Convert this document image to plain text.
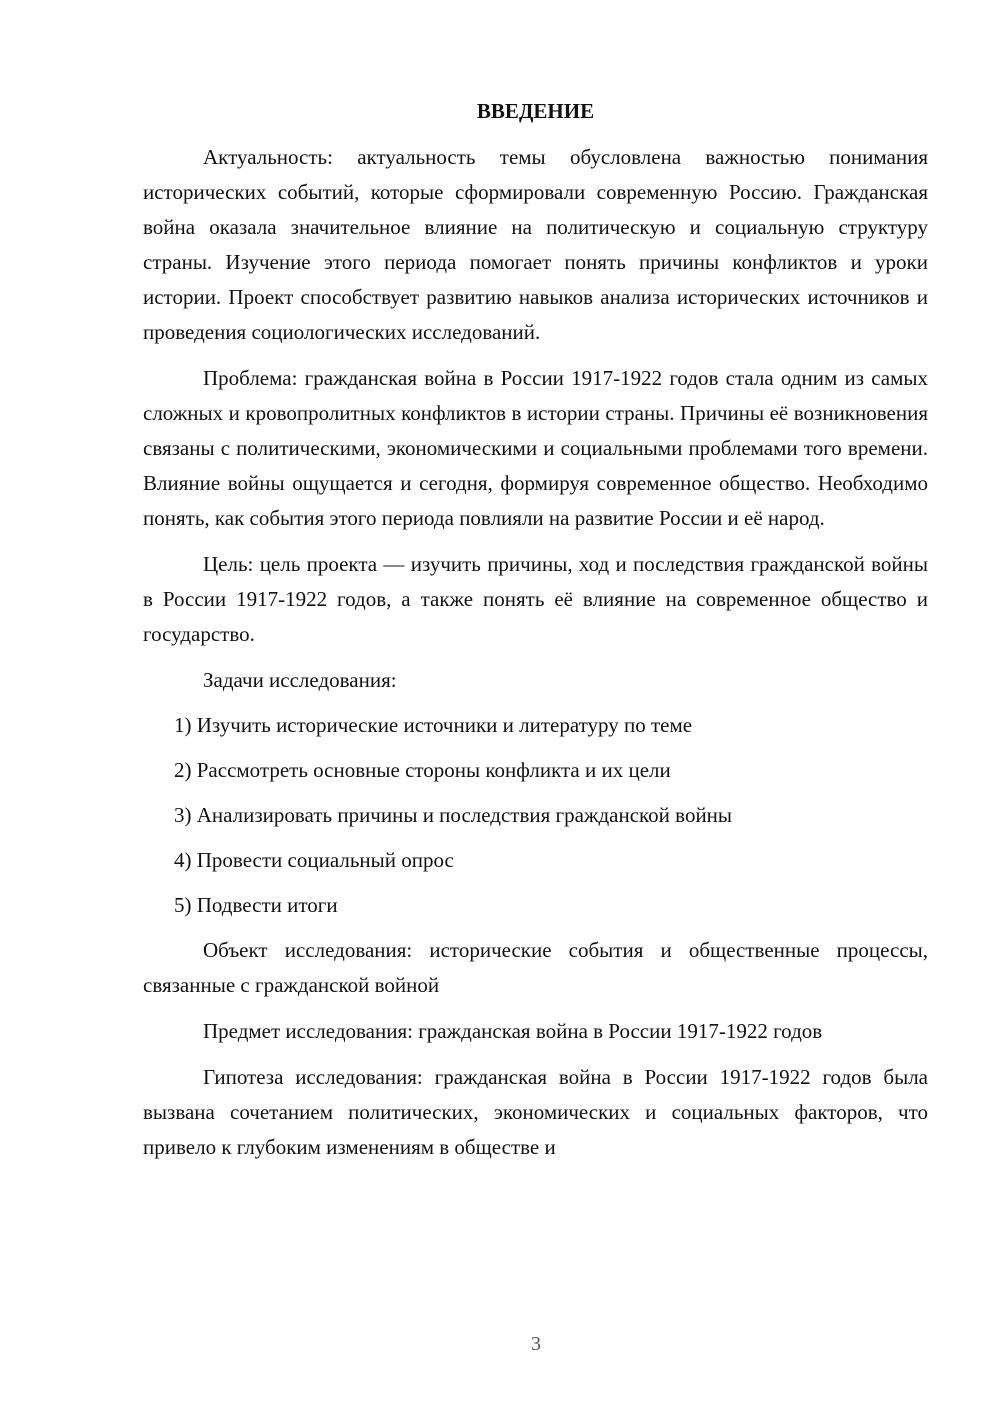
ВВЕДЕНИЕ

Актуальность: актуальность темы обусловлена важностью понимания исторических событий, которые сформировали современную Россию. Гражданская война оказала значительное влияние на политическую и социальную структуру страны. Изучение этого периода помогает понять причины конфликтов и уроки истории. Проект способствует развитию навыков анализа исторических источников и проведения социологических исследований.

Проблема: гражданская война в России 1917-1922 годов стала одним из самых сложных и кровопролитных конфликтов в истории страны. Причины её возникновения связаны с политическими, экономическими и социальными проблемами того времени. Влияние войны ощущается и сегодня, формируя современное общество. Необходимо понять, как события этого периода повлияли на развитие России и её народ.

Цель: цель проекта — изучить причины, ход и последствия гражданской войны в России 1917-1922 годов, а также понять её влияние на современное общество и государство.

Задачи исследования:

1) Изучить исторические источники и литературу по теме
2) Рассмотреть основные стороны конфликта и их цели
3) Анализировать причины и последствия гражданской войны
4) Провести социальный опрос
5) Подвести итоги

Объект исследования: исторические события и общественные процессы, связанные с гражданской войной

Предмет исследования: гражданская война в России 1917-1922 годов

Гипотеза исследования: гражданская война в России 1917-1922 годов была вызвана сочетанием политических, экономических и социальных факторов, что привело к глубоким изменениям в обществе и

3
